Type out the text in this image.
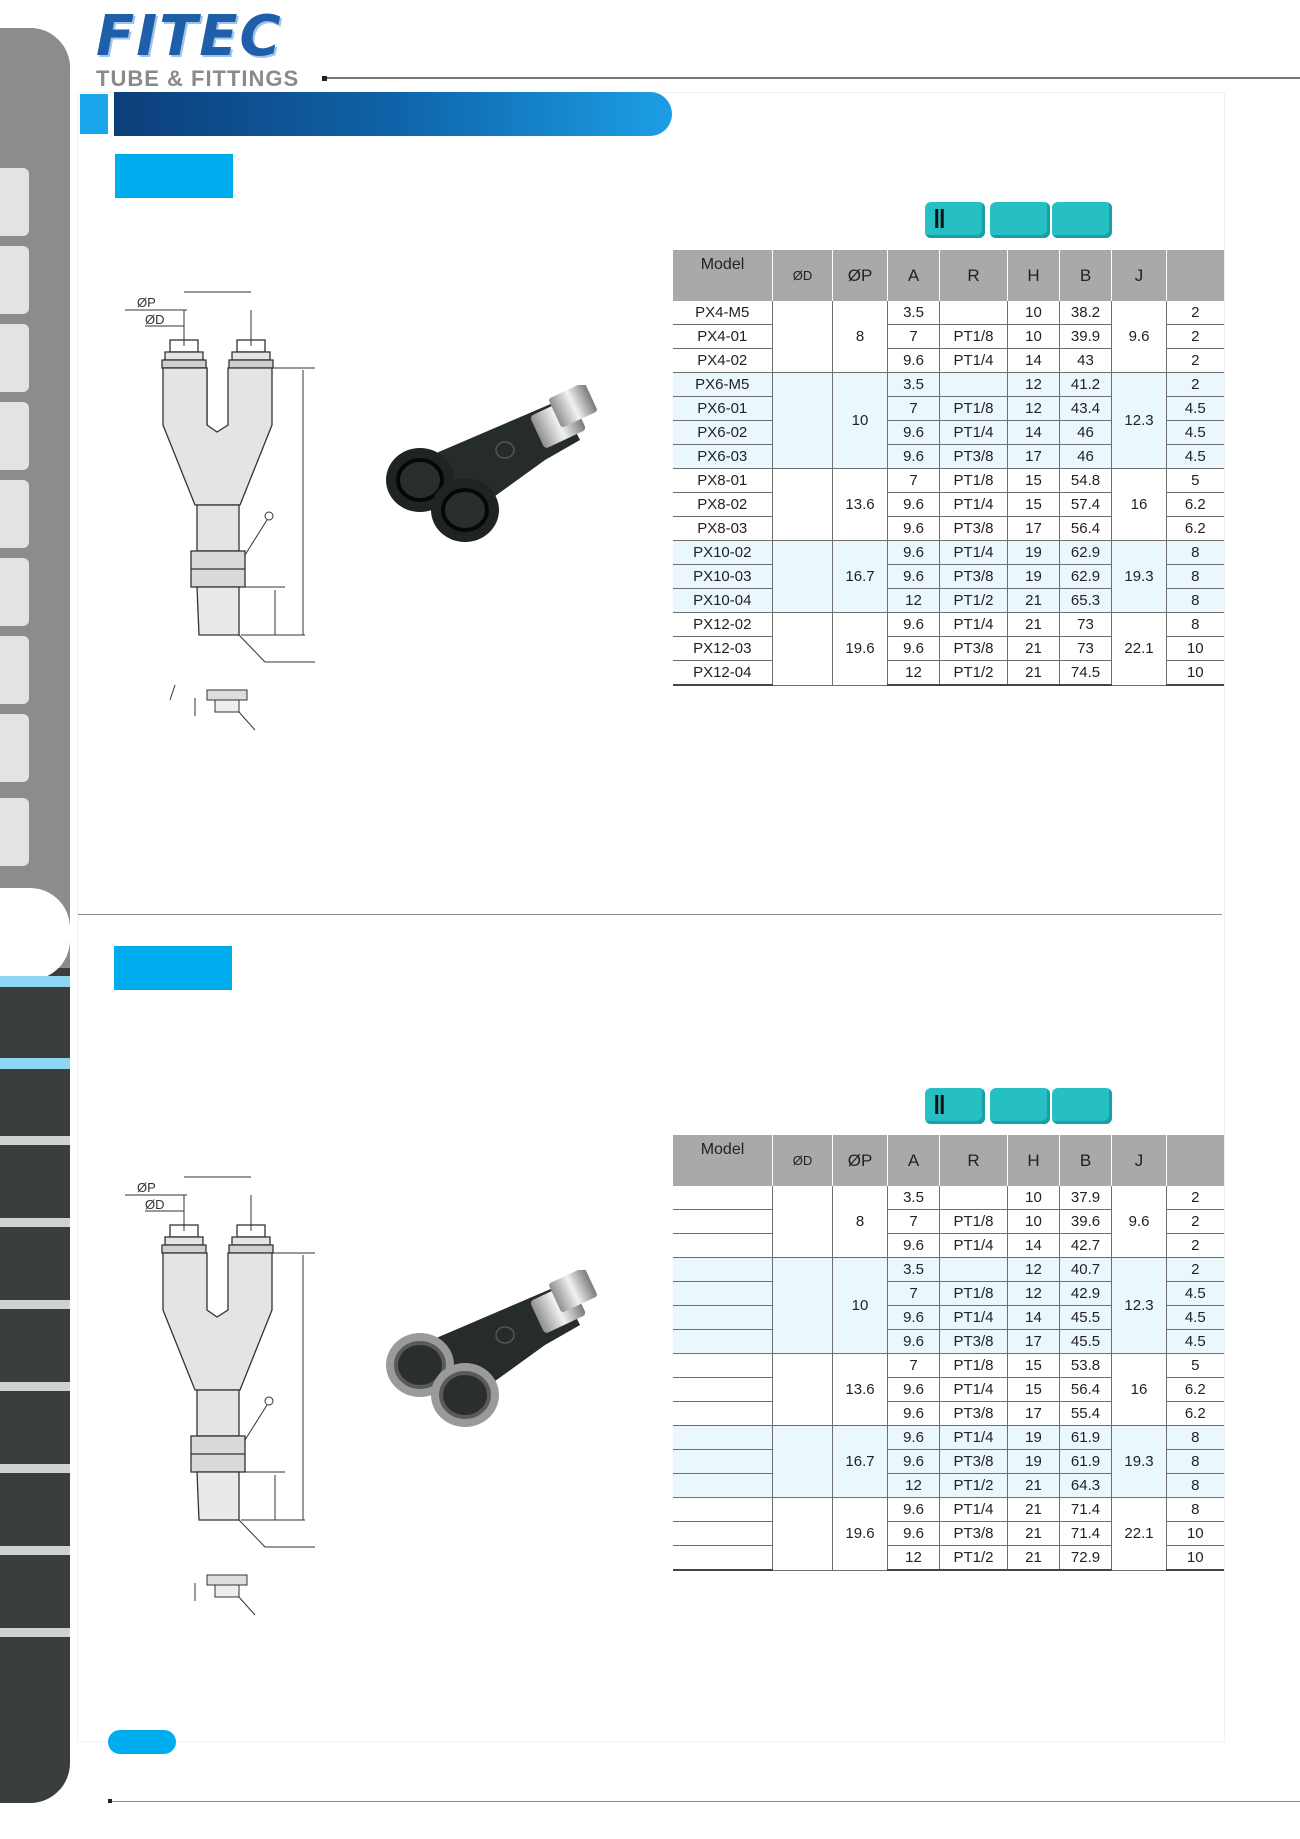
FITEC
TUBE & FITTINGS
‖
ØP
ØD
Model	ØD	ØP	A	R	H	B	J	
PX4-M5		8	3.5		10	38.2	9.6	2
PX4-01			7	PT1/8	10	39.9		2
PX4-02			9.6	PT1/4	14	43		2
PX6-M5		10	3.5		12	41.2	12.3	2
PX6-01			7	PT1/8	12	43.4		4.5
PX6-02			9.6	PT1/4	14	46		4.5
PX6-03			9.6	PT3/8	17	46		4.5
PX8-01		13.6	7	PT1/8	15	54.8	16	5
PX8-02			9.6	PT1/4	15	57.4		6.2
PX8-03			9.6	PT3/8	17	56.4		6.2
PX10-02		16.7	9.6	PT1/4	19	62.9	19.3	8
PX10-03			9.6	PT3/8	19	62.9		8
PX10-04			12	PT1/2	21	65.3		8
PX12-02		19.6	9.6	PT1/4	21	73	22.1	8
PX12-03			9.6	PT3/8	21	73		10
PX12-04			12	PT1/2	21	74.5		10
‖
ØP
ØD
Model	ØD	ØP	A	R	H	B	J	
		8	3.5		10	37.9	9.6	2
			7	PT1/8	10	39.6		2
			9.6	PT1/4	14	42.7		2
		10	3.5		12	40.7	12.3	2
			7	PT1/8	12	42.9		4.5
			9.6	PT1/4	14	45.5		4.5
			9.6	PT3/8	17	45.5		4.5
		13.6	7	PT1/8	15	53.8	16	5
			9.6	PT1/4	15	56.4		6.2
			9.6	PT3/8	17	55.4		6.2
		16.7	9.6	PT1/4	19	61.9	19.3	8
			9.6	PT3/8	19	61.9		8
			12	PT1/2	21	64.3		8
		19.6	9.6	PT1/4	21	71.4	22.1	8
			9.6	PT3/8	21	71.4		10
			12	PT1/2	21	72.9		10
